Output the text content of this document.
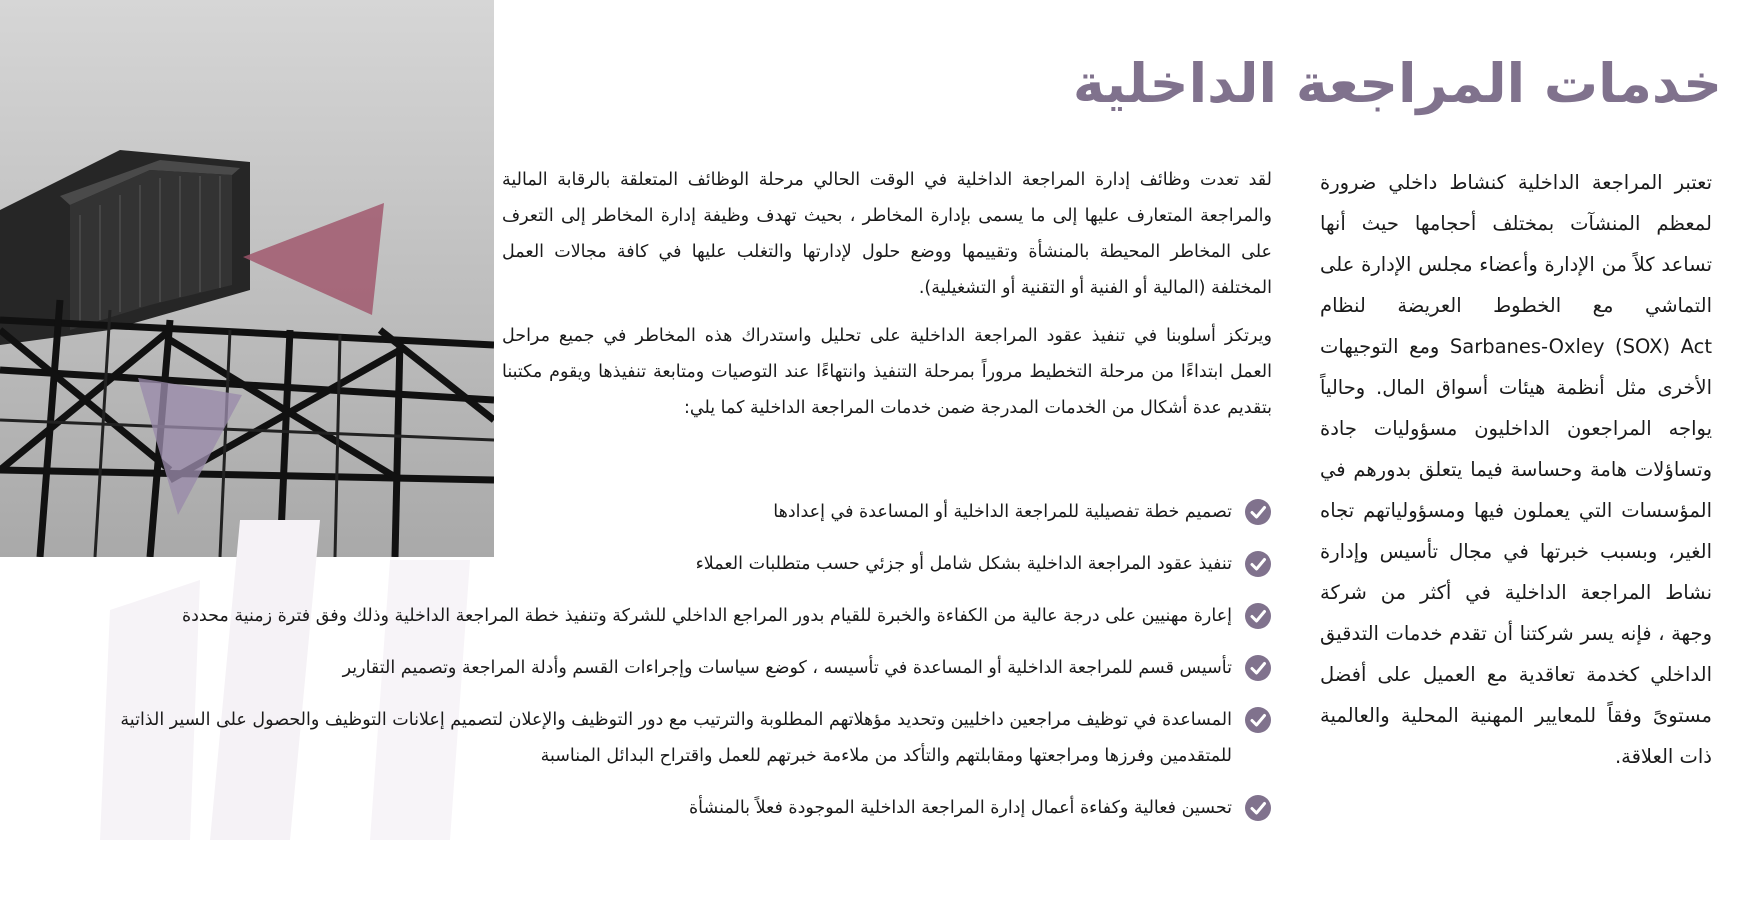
خدمات المراجعة الداخلية

تعتبر المراجعة الداخلية كنشاط داخلي ضرورة لمعظم المنشآت بمختلف أحجامها حيث أنها تساعد كلاً من الإدارة وأعضاء مجلس الإدارة على التماشي مع الخطوط العريضة لنظام Sarbanes-Oxley (SOX) Act ومع التوجيهات الأخرى مثل أنظمة هيئات أسواق المال. وحالياً يواجه المراجعون الداخليون مسؤوليات جادة وتساؤلات هامة وحساسة فيما يتعلق بدورهم في المؤسسات التي يعملون فيها ومسؤولياتهم تجاه الغير، وبسبب خبرتها في مجال تأسيس وإدارة نشاط المراجعة الداخلية في أكثر من شركة وجهة ، فإنه يسر شركتنا أن تقدم خدمات التدقيق الداخلي كخدمة تعاقدية مع العميل على أفضل مستوىً وفقاً للمعايير المهنية المحلية والعالمية ذات العلاقة.

لقد تعدت وظائف إدارة المراجعة الداخلية في الوقت الحالي مرحلة الوظائف المتعلقة بالرقابة المالية والمراجعة المتعارف عليها إلى ما يسمى بإدارة المخاطر ، بحيث تهدف وظيفة إدارة المخاطر إلى التعرف على المخاطر المحيطة بالمنشأة وتقييمها ووضع حلول لإدارتها والتغلب عليها في كافة مجالات العمل المختلفة (المالية أو الفنية أو التقنية أو التشغيلية).

ويرتكز أسلوبنا في تنفيذ عقود المراجعة الداخلية على تحليل واستدراك هذه المخاطر في جميع مراحل العمل ابتداءًا من مرحلة التخطيط مروراً بمرحلة التنفيذ وانتهاءًا عند التوصيات ومتابعة تنفيذها ويقوم مكتبنا بتقديم عدة أشكال من الخدمات المدرجة ضمن خدمات المراجعة الداخلية كما يلي:

تصميم خطة تفصيلية للمراجعة الداخلية أو المساعدة في إعدادها
تنفيذ عقود المراجعة الداخلية بشكل شامل أو جزئي حسب متطلبات العملاء
إعارة مهنيين على درجة عالية من الكفاءة والخبرة للقيام بدور المراجع الداخلي للشركة وتنفيذ خطة المراجعة الداخلية وذلك وفق فترة زمنية محددة
تأسيس قسم للمراجعة الداخلية أو المساعدة في تأسيسه ، كوضع سياسات وإجراءات القسم وأدلة المراجعة وتصميم التقارير
المساعدة في توظيف مراجعين داخليين وتحديد مؤهلاتهم المطلوبة والترتيب مع دور التوظيف والإعلان لتصميم إعلانات التوظيف والحصول على السير الذاتية للمتقدمين وفرزها ومراجعتها ومقابلتهم والتأكد من ملاءمة خبرتهم للعمل واقتراح البدائل المناسبة
تحسين فعالية وكفاءة أعمال إدارة المراجعة الداخلية الموجودة فعلاً بالمنشأة
